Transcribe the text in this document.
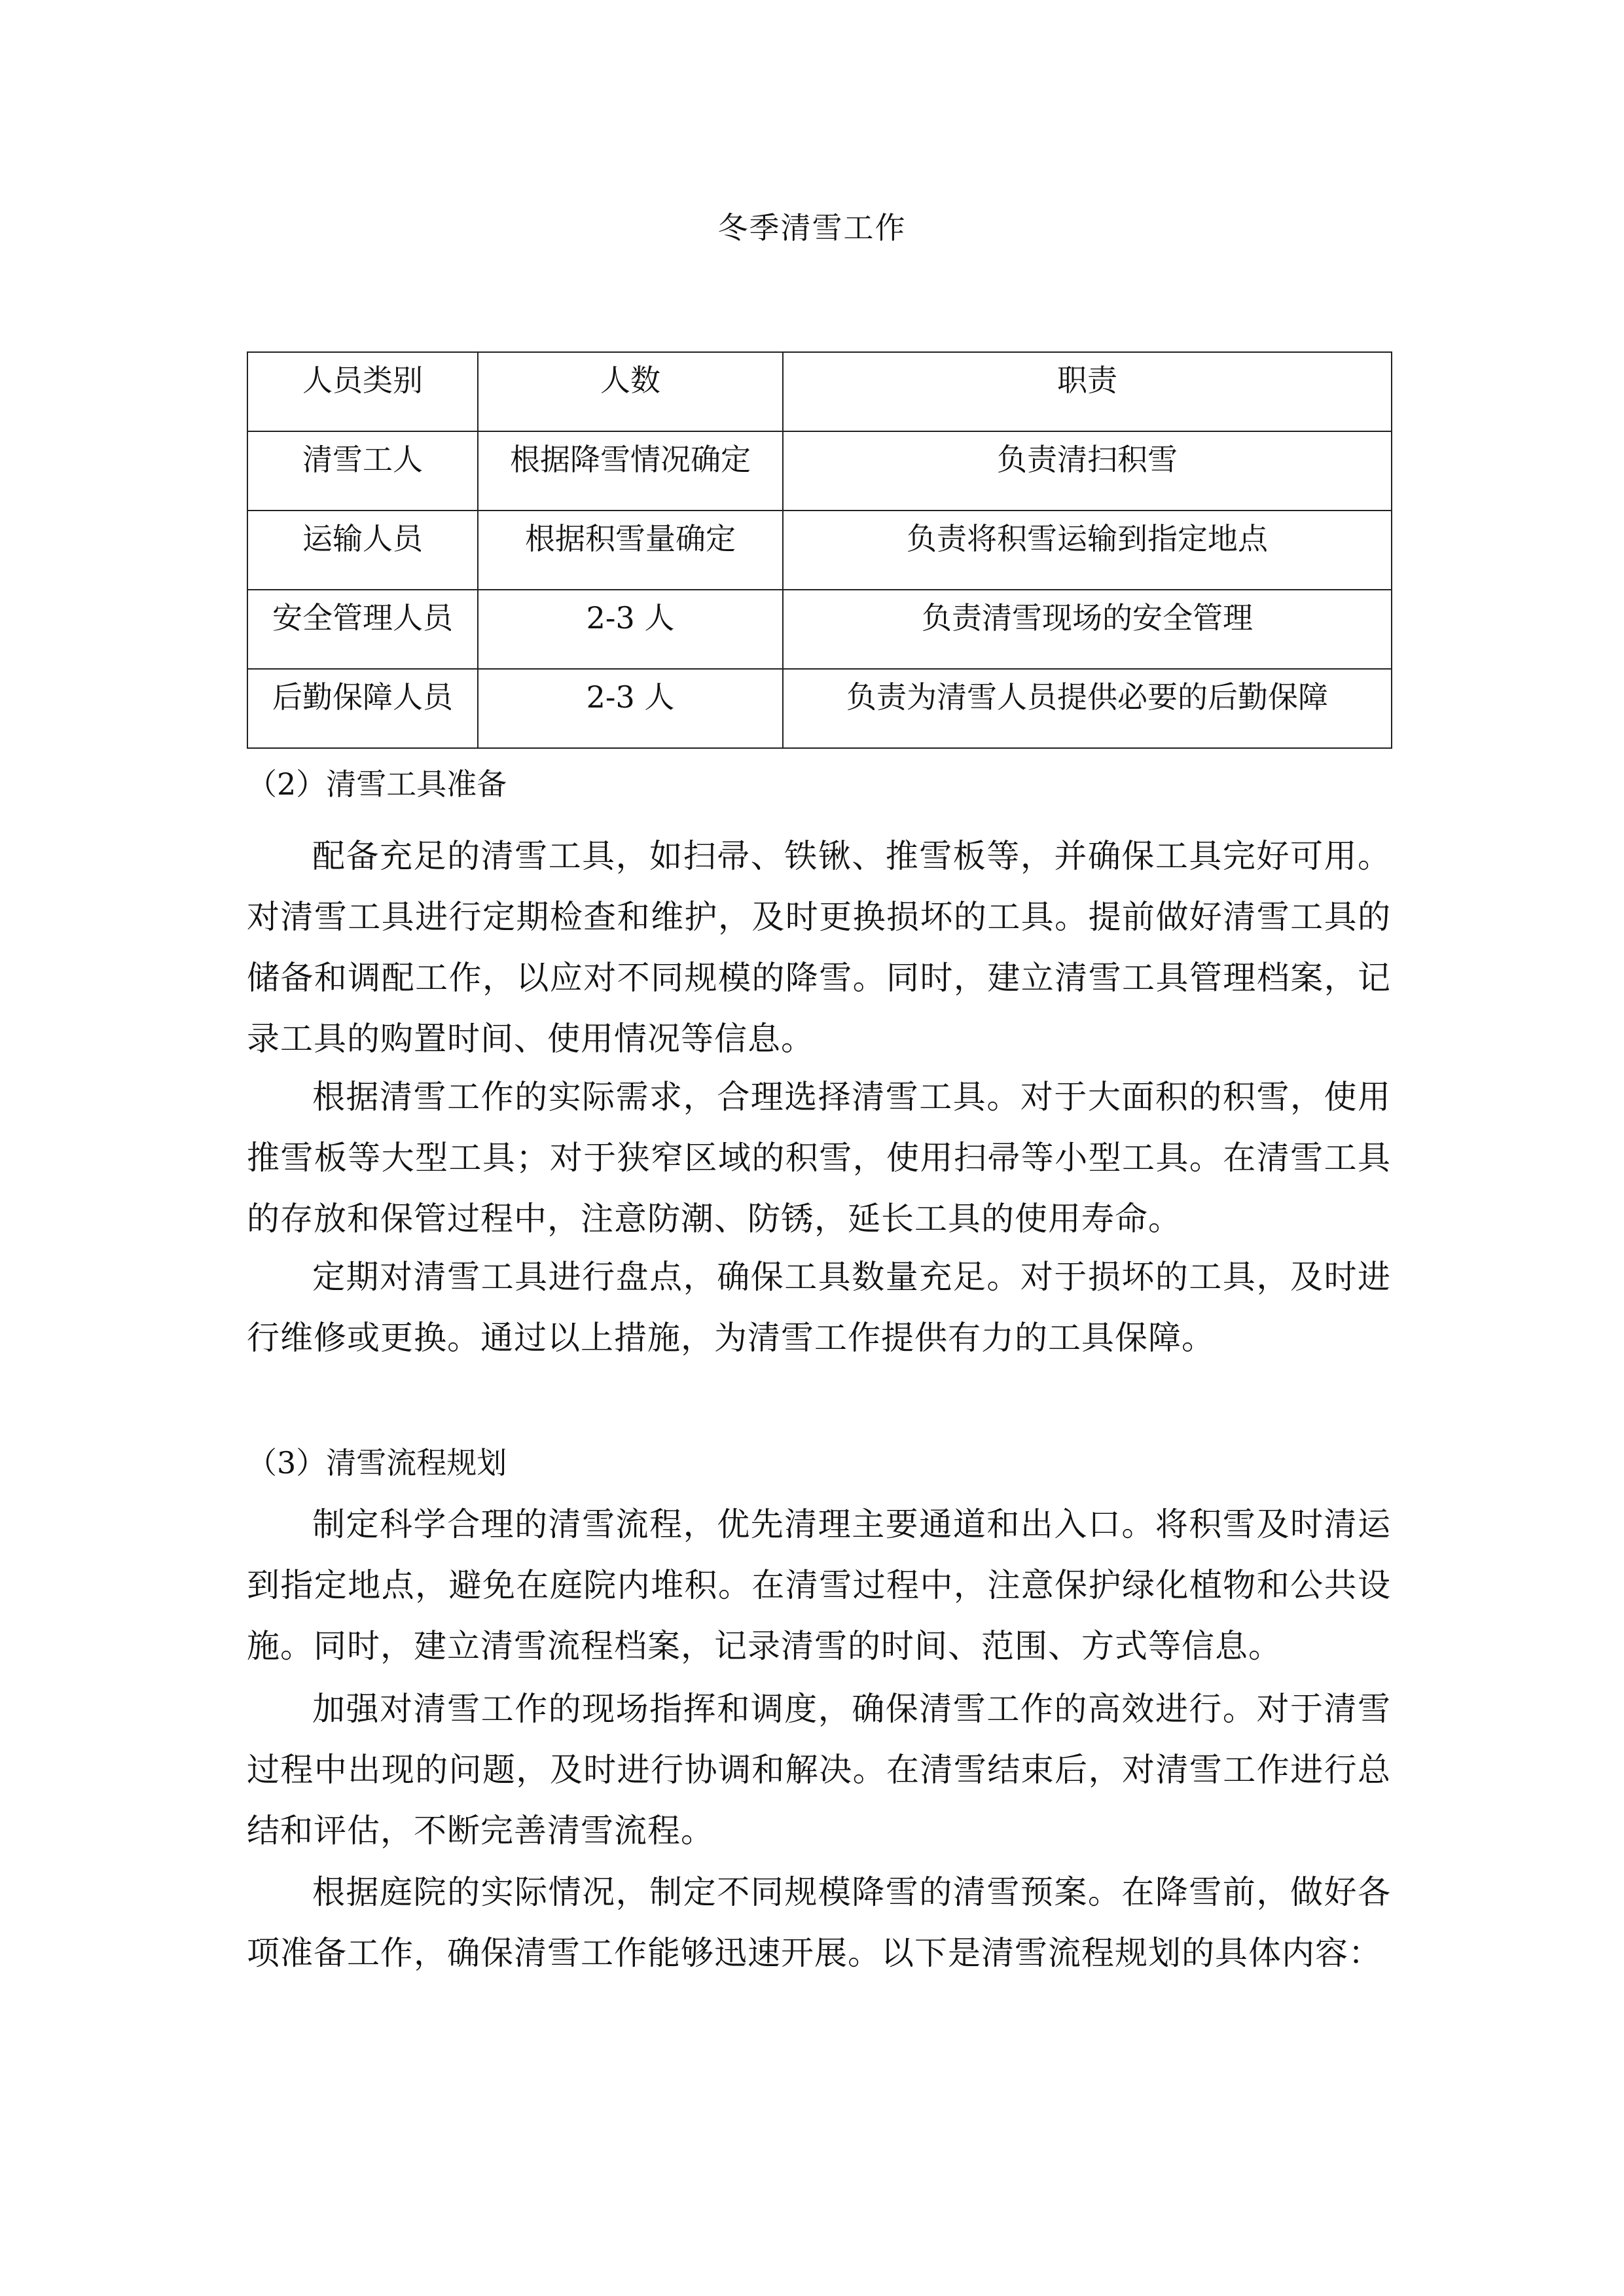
冬季清雪工作
人员类别	人数	职责
清雪工人	根据降雪情况确定	负责清扫积雪
运输人员	根据积雪量确定	负责将积雪运输到指定地点
安全管理人员	2-3 人	负责清雪现场的安全管理
后勤保障人员	2-3 人	负责为清雪人员提供必要的后勤保障
（2）清雪工具准备

配备充足的清雪工具，如扫帚、铁锹、推雪板等，并确保工具完好可用。对清雪工具进行定期检查和维护，及时更换损坏的工具。提前做好清雪工具的储备和调配工作，以应对不同规模的降雪。同时，建立清雪工具管理档案，记录工具的购置时间、使用情况等信息。

根据清雪工作的实际需求，合理选择清雪工具。对于大面积的积雪，使用推雪板等大型工具；对于狭窄区域的积雪，使用扫帚等小型工具。在清雪工具的存放和保管过程中，注意防潮、防锈，延长工具的使用寿命。

定期对清雪工具进行盘点，确保工具数量充足。对于损坏的工具，及时进行维修或更换。通过以上措施，为清雪工作提供有力的工具保障。

（3）清雪流程规划

制定科学合理的清雪流程，优先清理主要通道和出入口。将积雪及时清运到指定地点，避免在庭院内堆积。在清雪过程中，注意保护绿化植物和公共设施。同时，建立清雪流程档案，记录清雪的时间、范围、方式等信息。

加强对清雪工作的现场指挥和调度，确保清雪工作的高效进行。对于清雪过程中出现的问题，及时进行协调和解决。在清雪结束后，对清雪工作进行总结和评估，不断完善清雪流程。

根据庭院的实际情况，制定不同规模降雪的清雪预案。在降雪前，做好各项准备工作，确保清雪工作能够迅速开展。以下是清雪流程规划的具体内容：
